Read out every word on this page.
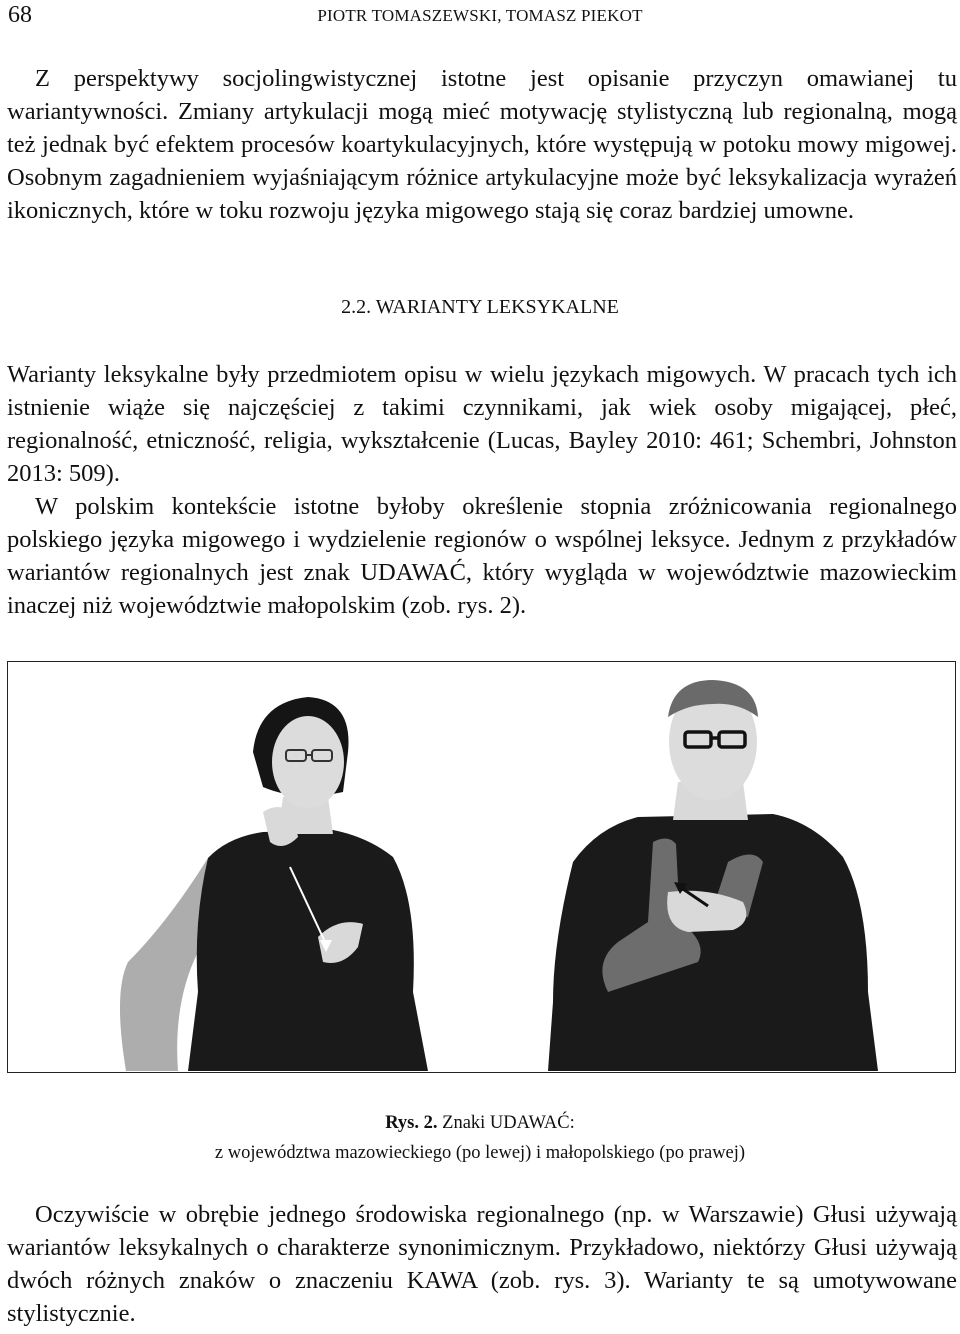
68	PIOTR TOMASZEWSKI, TOMASZ PIEKOT

Z perspektywy socjolingwistycznej istotne jest opisanie przyczyn omawianej tu wariantywności. Zmiany artykulacji mogą mieć motywację stylistyczną lub regionalną, mogą też jednak być efektem procesów koartykulacyjnych, które występują w potoku mowy migowej. Osobnym zagadnieniem wyjaśniającym różnice artykulacyjne może być leksykalizacja wyrażeń ikonicznych, które w toku rozwoju języka migowego stają się coraz bardziej umowne.

2.2. WARIANTY LEKSYKALNE

Warianty leksykalne były przedmiotem opisu w wielu językach migowych. W pracach tych ich istnienie wiąże się najczęściej z takimi czynnikami, jak wiek osoby migającej, płeć, regionalność, etniczność, religia, wykształcenie (Lucas, Bayley 2010: 461; Schembri, Johnston 2013: 509).

W polskim kontekście istotne byłoby określenie stopnia zróżnicowania regionalnego polskiego języka migowego i wydzielenie regionów o wspólnej leksyce. Jednym z przykładów wariantów regionalnych jest znak UDAWAĆ, który wygląda w województwie mazowieckim inaczej niż województwie małopolskim (zob. rys. 2).

Rys. 2. Znaki UDAWAĆ:
z województwa mazowieckiego (po lewej) i małopolskiego (po prawej)

Oczywiście w obrębie jednego środowiska regionalnego (np. w Warszawie) Głusi używają wariantów leksykalnych o charakterze synonimicznym. Przykładowo, niektórzy Głusi używają dwóch różnych znaków o znaczeniu KAWA (zob. rys. 3). Warianty te są umotywowane stylistycznie.
